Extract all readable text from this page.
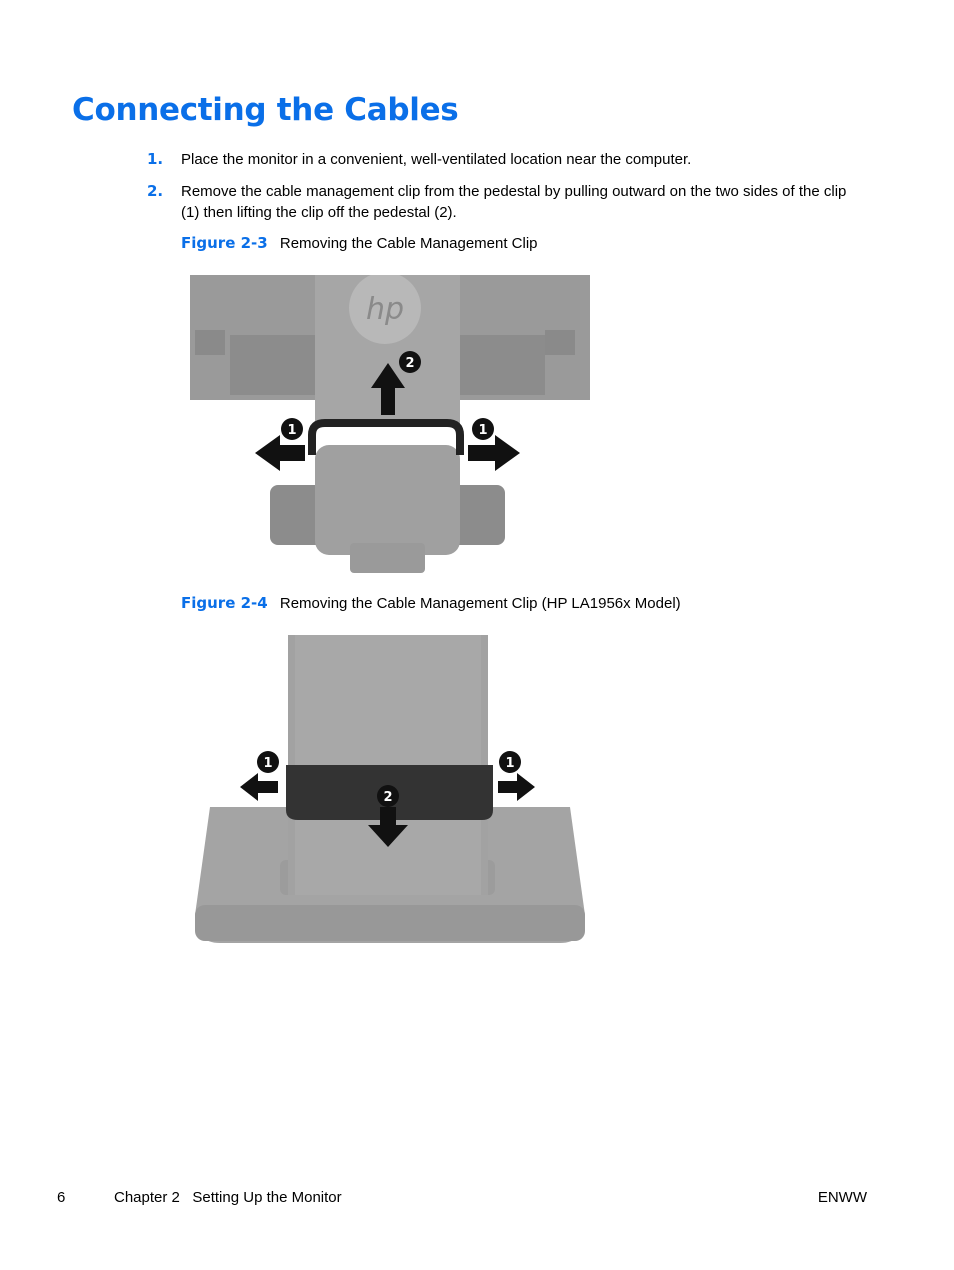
Connecting the Cables
1. Place the monitor in a convenient, well-ventilated location near the computer.
2. Remove the cable management clip from the pedestal by pulling outward on the two sides of the clip (1) then lifting the clip off the pedestal (2).
Figure 2-3 Removing the Cable Management Clip
hp
1	1
2
Figure 2-4 Removing the Cable Management Clip (HP LA1956x Model)
1	1
2
6	Chapter 2   Setting Up the Monitor	ENWW
